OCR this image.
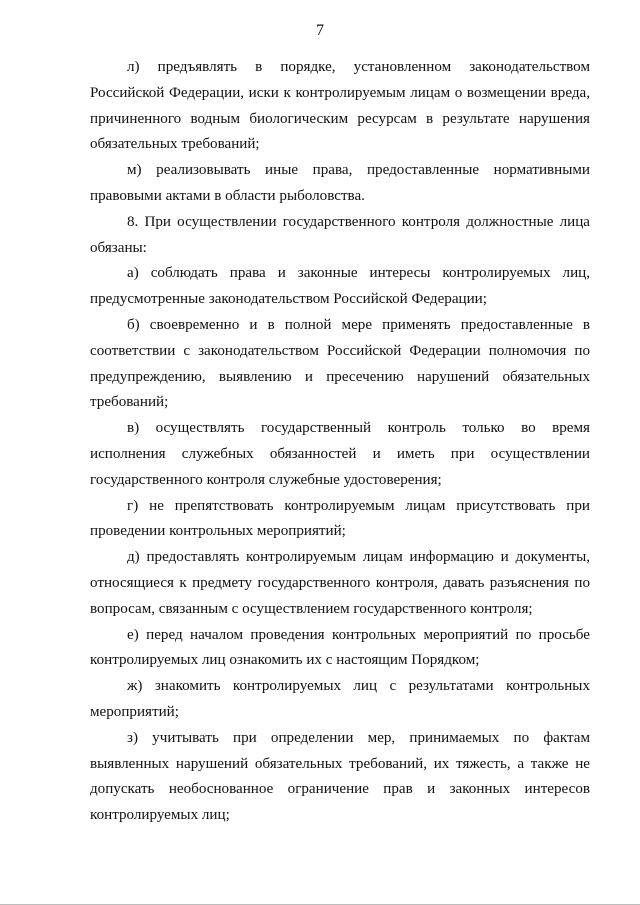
7

л) предъявлять в порядке, установленном законодательством Российской Федерации, иски к контролируемым лицам о возмещении вреда, причиненного водным биологическим ресурсам в результате нарушения обязательных требований;

м) реализовывать иные права, предоставленные нормативными правовыми актами в области рыболовства.

8. При осуществлении государственного контроля должностные лица обязаны:

а) соблюдать права и законные интересы контролируемых лиц, предусмотренные законодательством Российской Федерации;

б) своевременно и в полной мере применять предоставленные в соответствии с законодательством Российской Федерации полномочия по предупреждению, выявлению и пресечению нарушений обязательных требований;

в) осуществлять государственный контроль только во время исполнения служебных обязанностей и иметь при осуществлении государственного контроля служебные удостоверения;

г) не препятствовать контролируемым лицам присутствовать при проведении контрольных мероприятий;

д) предоставлять контролируемым лицам информацию и документы, относящиеся к предмету государственного контроля, давать разъяснения по вопросам, связанным с осуществлением государственного контроля;

е) перед началом проведения контрольных мероприятий по просьбе контролируемых лиц ознакомить их с настоящим Порядком;

ж) знакомить контролируемых лиц с результатами контрольных мероприятий;

з) учитывать при определении мер, принимаемых по фактам выявленных нарушений обязательных требований, их тяжесть, а также не допускать необоснованное ограничение прав и законных интересов контролируемых лиц;
